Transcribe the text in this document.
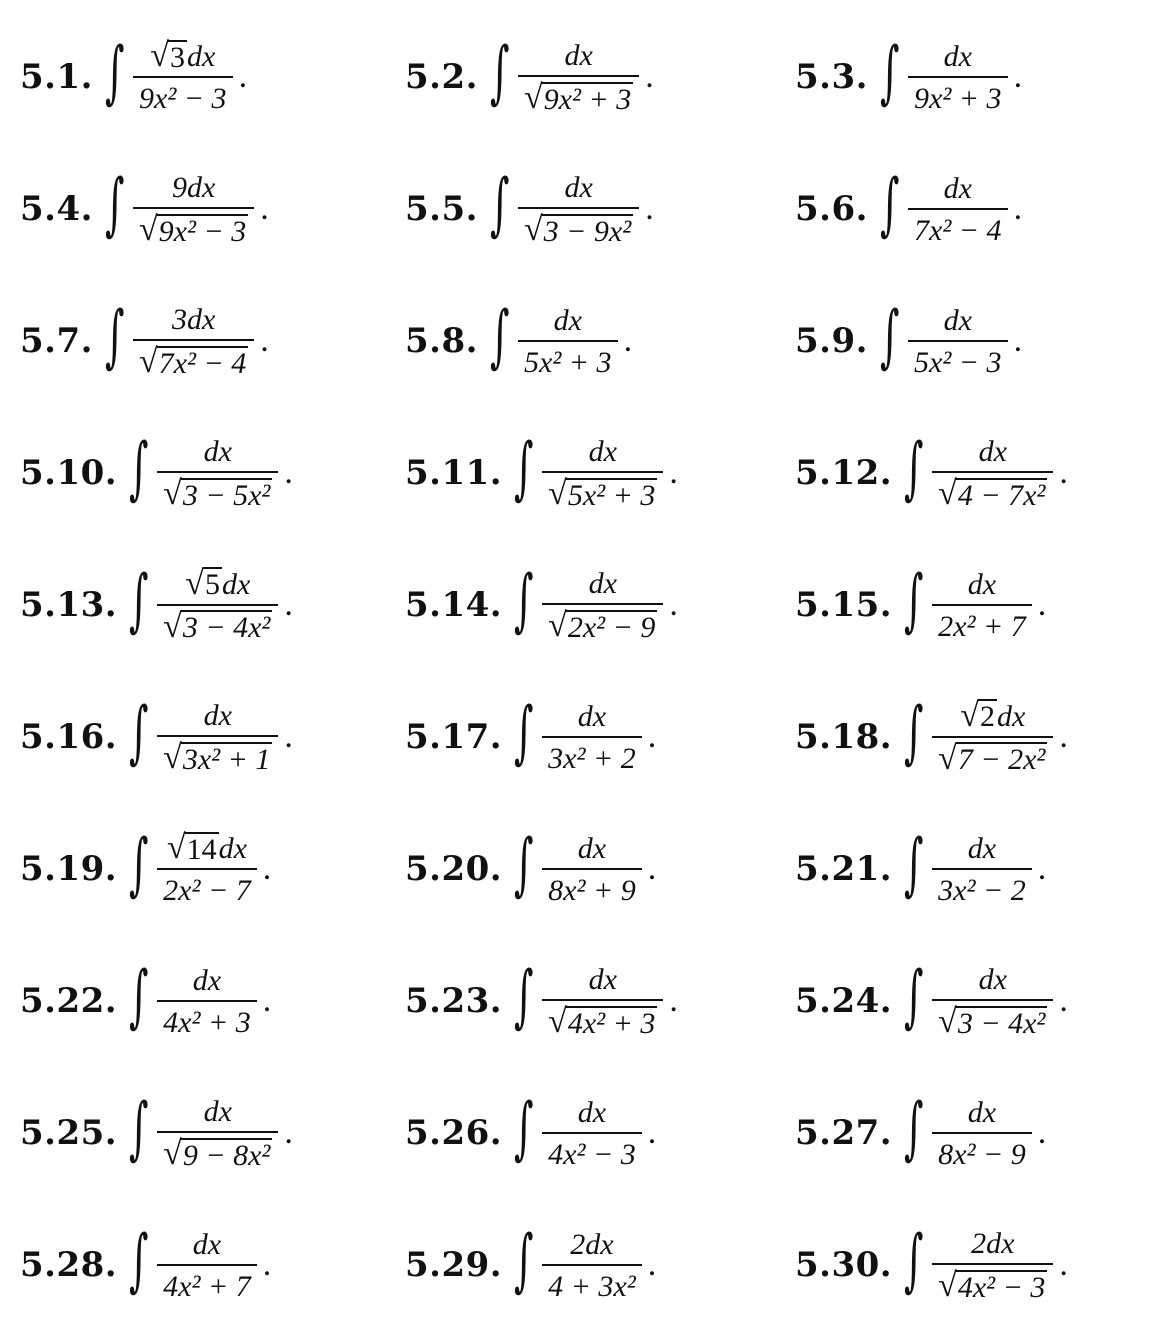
5.1. ∫ $\frac{√ 3 dx}{\text{9x² − 3}}$ .	5.2. ∫ $\frac{dx}{\text{√ 9x² + 3}}$ .	5.3. ∫ $\frac{dx}{\text{9x² + 3}}$ .
5.4. ∫ $\frac{9dx}{\text{√ 9x² − 3}}$ .	5.5. ∫ $\frac{dx}{\text{√ 3 − 9x²}}$ .	5.6. ∫ $\frac{dx}{\text{7x² − 4}}$ .
5.7. ∫ $\frac{3dx}{\text{√ 7x² − 4}}$ .	5.8. ∫ $\frac{dx}{\text{5x² + 3}}$ .	5.9. ∫ $\frac{dx}{\text{5x² − 3}}$ .
5.10. ∫ $\frac{dx}{\text{√ 3 − 5x²}}$ .	5.11. ∫ $\frac{dx}{\text{√ 5x² + 3}}$ .	5.12. ∫ $\frac{dx}{\text{√ 4 − 7x²}}$ .
5.13. ∫ $\frac{√ 5 dx}{\text{√ 3 − 4x²}}$ .	5.14. ∫ $\frac{dx}{\text{√ 2x² − 9}}$ .	5.15. ∫ $\frac{dx}{\text{2x² + 7}}$ .
5.16. ∫ $\frac{dx}{\text{√ 3x² + 1}}$ .	5.17. ∫ $\frac{dx}{\text{3x² + 2}}$ .	5.18. ∫ $\frac{√ 2 dx}{\text{√ 7 − 2x²}}$ .
5.19. ∫ $\frac{√ 14 dx}{\text{2x² − 7}}$ .	5.20. ∫ $\frac{dx}{\text{8x² + 9}}$ .	5.21. ∫ $\frac{dx}{\text{3x² − 2}}$ .
5.22. ∫ $\frac{dx}{\text{4x² + 3}}$ .	5.23. ∫ $\frac{dx}{\text{√ 4x² + 3}}$ .	5.24. ∫ $\frac{dx}{\text{√ 3 − 4x²}}$ .
5.25. ∫ $\frac{dx}{\text{√ 9 − 8x²}}$ .	5.26. ∫ $\frac{dx}{\text{4x² − 3}}$ .	5.27. ∫ $\frac{dx}{\text{8x² − 9}}$ .
5.28. ∫ $\frac{dx}{\text{4x² + 7}}$ .	5.29. ∫ $\frac{2dx}{\text{4 + 3x²}}$ .	5.30. ∫ $\frac{2dx}{\text{√ 4x² − 3}}$ .
